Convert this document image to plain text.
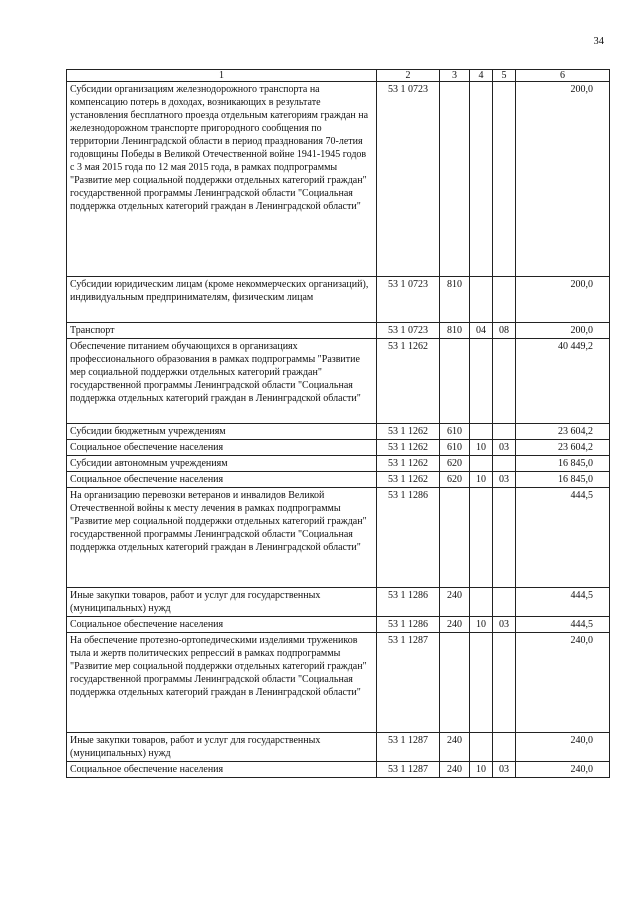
34
1	2	3	4	5	6
Субсидии организациям железнодорожного транспорта на компенсацию потерь в доходах, возникающих в результате установления бесплатного проезда отдельным категориям граждан на железнодорожном транспорте пригородного сообщения по территории Ленинградской области в период празднования 70-летия годовщины Победы в Великой Отечественной войне 1941-1945 годов с 3 мая 2015 года по 12 мая 2015 года, в рамках подпрограммы "Развитие мер социальной поддержки отдельных категорий граждан" государственной программы Ленинградской области "Социальная поддержка отдельных категорий граждан в Ленинградской области"	53 1 0723				200,0
Субсидии юридическим лицам (кроме некоммерческих организаций), индивидуальным предпринимателям, физическим лицам	53 1 0723	810			200,0
Транспорт	53 1 0723	810	04	08	200,0
Обеспечение питанием обучающихся в организациях профессионального образования в рамках подпрограммы "Развитие мер социальной поддержки отдельных категорий граждан" государственной программы Ленинградской области "Социальная поддержка отдельных категорий граждан в Ленинградской области"	53 1 1262				40 449,2
Субсидии бюджетным учреждениям	53 1 1262	610			23 604,2
Социальное обеспечение населения	53 1 1262	610	10	03	23 604,2
Субсидии автономным учреждениям	53 1 1262	620			16 845,0
Социальное обеспечение населения	53 1 1262	620	10	03	16 845,0
На организацию перевозки ветеранов и инвалидов Великой Отечественной войны к месту лечения в рамках подпрограммы "Развитие мер социальной поддержки отдельных категорий граждан" государственной программы Ленинградской области "Социальная поддержка отдельных категорий граждан в Ленинградской области"	53 1 1286				444,5
Иные закупки товаров, работ и услуг для государственных (муниципальных) нужд	53 1 1286	240			444,5
Социальное обеспечение населения	53 1 1286	240	10	03	444,5
На обеспечение протезно-ортопедическими изделиями тружеников тыла и жертв политических репрессий в рамках подпрограммы "Развитие мер социальной поддержки отдельных категорий граждан" государственной программы Ленинградской области "Социальная поддержка отдельных категорий граждан в Ленинградской области"	53 1 1287				240,0
Иные закупки товаров, работ и услуг для государственных (муниципальных) нужд	53 1 1287	240			240,0
Социальное обеспечение населения	53 1 1287	240	10	03	240,0
